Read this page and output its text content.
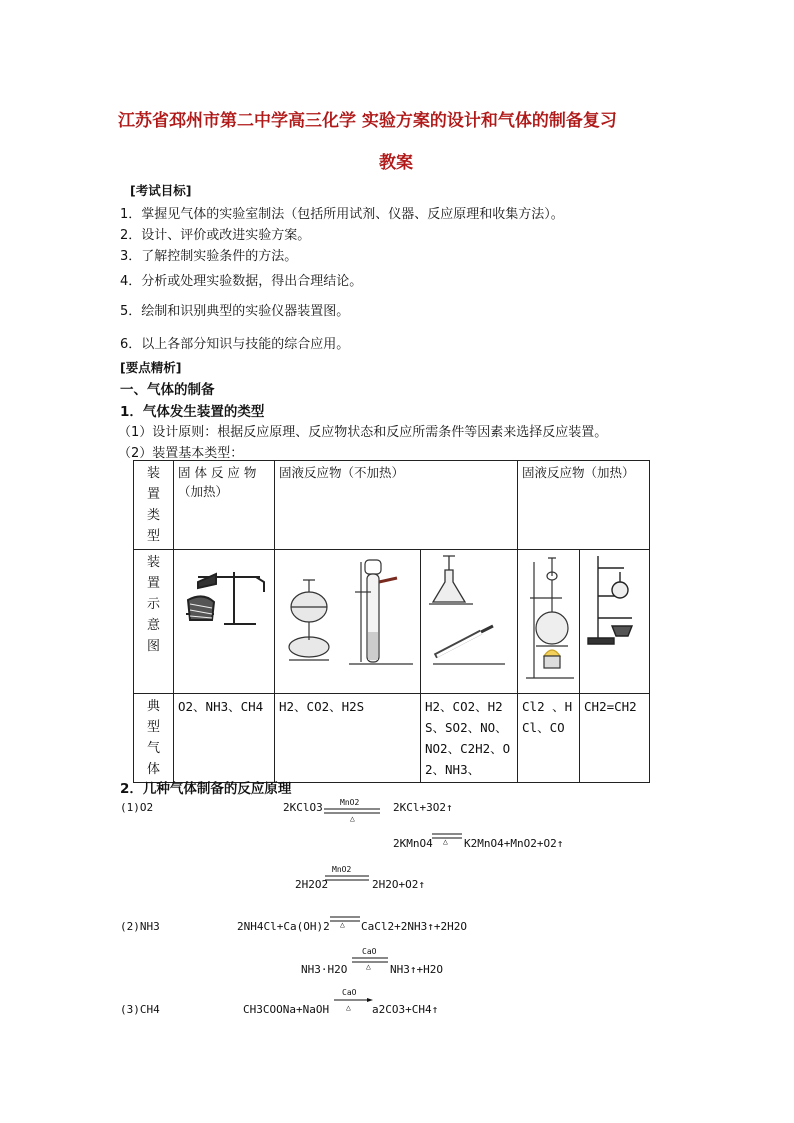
江苏省邳州市第二中学高三化学 实验方案的设计和气体的制备复习
教案
[考试目标]
1．掌握见气体的实验室制法（包括所用试剂、仪器、反应原理和收集方法）。
2．设计、评价或改进实验方案。
3．了解控制实验条件的方法。
4．分析或处理实验数据，得出合理结论。
5．绘制和识别典型的实验仪器装置图。
6．以上各部分知识与技能的综合应用。
[要点精析]
一、气体的制备
1．气体发生装置的类型
（1）设计原则：根据反应原理、反应物状态和反应所需条件等因素来选择反应装置。
（2）装置基本类型：
装置类型	固 体 反 应 物（加热）	固液反应物（不加热）		固液反应物（加热）	

装置示意图

典型气体	O2、NH3、CH4	H2、CO2、H2S	H2、CO2、H2S、SO2、NO、NO2、C2H2、O2、NH3、	Cl2 、HCl、CO	CH2=CH2
2．几种气体制备的反应原理
(1)O2	2KClO3 MnO2
△
2KCl+3O2↑
2KMnO4 △ K2MnO4+MnO2+O2↑
MnO2
2H2O2	2H2O+O2↑
(2)NH3	2NH4Cl+Ca(OH)2 △ CaCl2+2NH3↑+2H2O
NH3·H2O
CaO
△ NH3↑+H2O
(3)CH4	CH3COONa+NaOH
CaO
△ a2CO3+CH4↑
